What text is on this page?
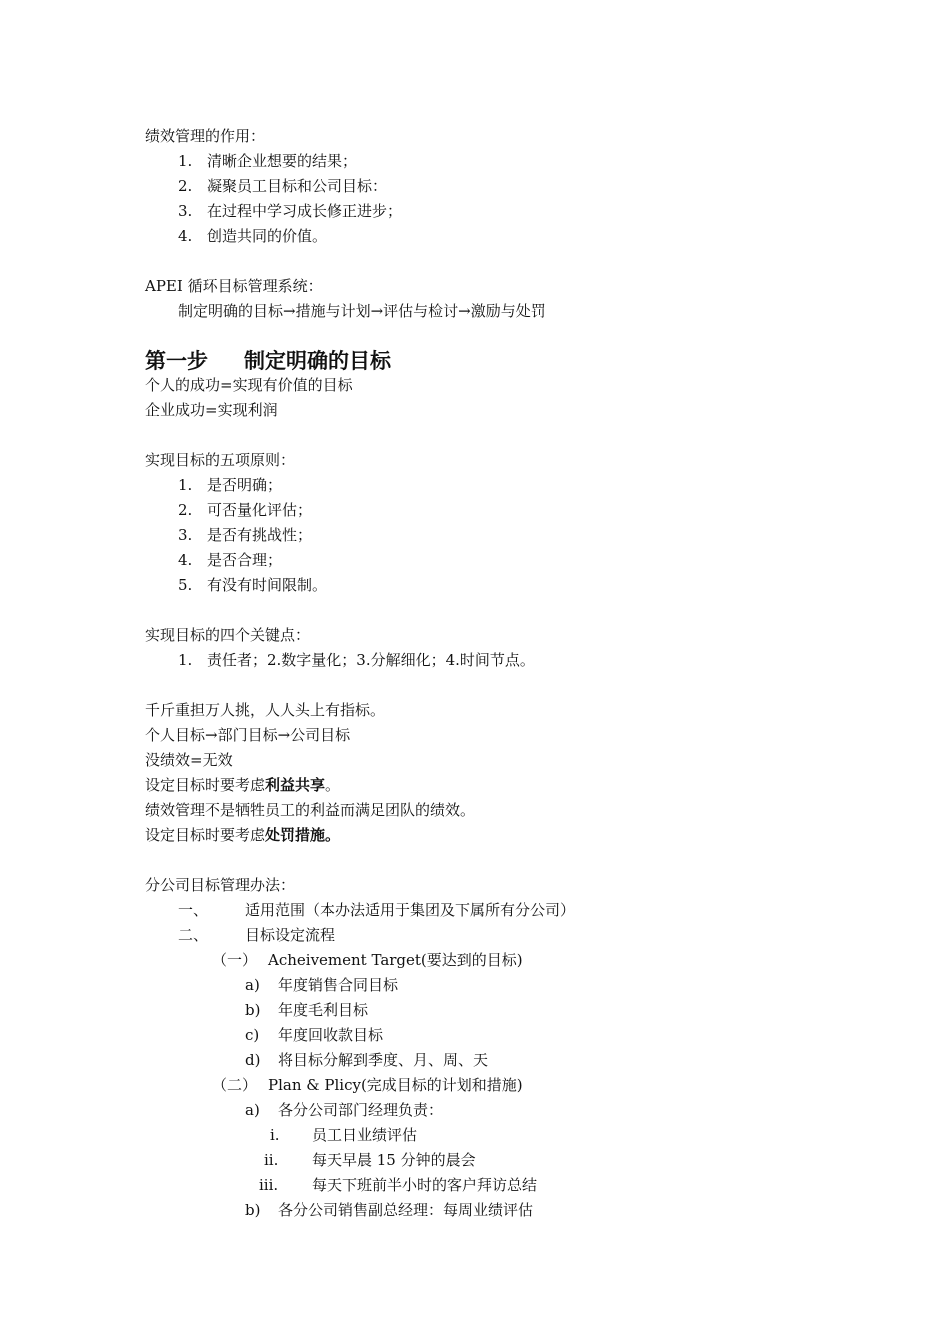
绩效管理的作用：
1. 清晰企业想要的结果；
2. 凝聚员工目标和公司目标：
3. 在过程中学习成长修正进步；
4. 创造共同的价值。
APEI 循环目标管理系统：
制定明确的目标→措施与计划→评估与检讨→激励与处罚
第一步 制定明确的目标
个人的成功=实现有价值的目标
企业成功=实现利润
实现目标的五项原则：
1. 是否明确；
2. 可否量化评估；
3. 是否有挑战性；
4. 是否合理；
5. 有没有时间限制。
实现目标的四个关键点：
1. 责任者；2.数字量化；3.分解细化；4.时间节点。
千斤重担万人挑，人人头上有指标。
个人目标→部门目标→公司目标
没绩效=无效
设定目标时要考虑利益共享。
绩效管理不是牺牲员工的利益而满足团队的绩效。
设定目标时要考虑处罚措施。
分公司目标管理办法：
一、 适用范围（本办法适用于集团及下属所有分公司）
二、 目标设定流程
（一） Acheivement Target(要达到的目标)
a) 年度销售合同目标
b) 年度毛利目标
c) 年度回收款目标
d) 将目标分解到季度、月、周、天
（二） Plan & Plicy(完成目标的计划和措施)
a) 各分公司部门经理负责：
i. 员工日业绩评估
ii. 每天早晨 15 分钟的晨会
iii. 每天下班前半小时的客户拜访总结
b) 各分公司销售副总经理：每周业绩评估
